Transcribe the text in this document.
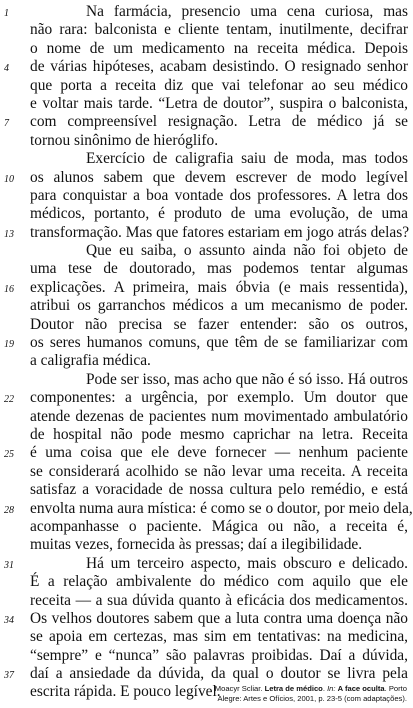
1	Na farmácia, presencio uma cena curiosa, mas
não rara: balconista e cliente tentam, inutilmente, decifrar
o nome de um medicamento na receita médica. Depois
4	de várias hipóteses, acabam desistindo. O resignado senhor
que porta a receita diz que vai telefonar ao seu médico
e voltar mais tarde. “Letra de doutor”, suspira o balconista,
7	com compreensível resignação. Letra de médico já se
tornou sinônimo de hieróglifo.
Exercício de caligrafia saiu de moda, mas todos
10	os alunos sabem que devem escrever de modo legível
para conquistar a boa vontade dos professores. A letra dos
médicos, portanto, é produto de uma evolução, de uma
13	transformação. Mas que fatores estariam em jogo atrás delas?
Que eu saiba, o assunto ainda não foi objeto de
uma tese de doutorado, mas podemos tentar algumas
16	explicações. A primeira, mais óbvia (e mais ressentida),
atribui os garranchos médicos a um mecanismo de poder.
Doutor não precisa se fazer entender: são os outros,
19	os seres humanos comuns, que têm de se familiarizar com
a caligrafia médica.
Pode ser isso, mas acho que não é só isso. Há outros
22	componentes: a urgência, por exemplo. Um doutor que
atende dezenas de pacientes num movimentado ambulatório
de hospital não pode mesmo caprichar na letra. Receita
25	é uma coisa que ele deve fornecer — nenhum paciente
se considerará acolhido se não levar uma receita. A receita
satisfaz a voracidade de nossa cultura pelo remédio, e está
28	envolta numa aura mística: é como se o doutor, por meio dela,
acompanhasse o paciente. Mágica ou não, a receita é,
muitas vezes, fornecida às pressas; daí a ilegibilidade.
31	Há um terceiro aspecto, mais obscuro e delicado.
É a relação ambivalente do médico com aquilo que ele
receita — a sua dúvida quanto à eficácia dos medicamentos.
34	Os velhos doutores sabem que a luta contra uma doença não
se apoia em certezas, mas sim em tentativas: na medicina,
“sempre” e “nunca” são palavras proibidas. Daí a dúvida,
37	daí a ansiedade da dúvida, da qual o doutor se livra pela
escrita rápida. E pouco legível.
Moacyr Scliar. Letra de médico. In: A face oculta. Porto
Alegre: Artes e Ofícios, 2001, p. 23-5 (com adaptações).
